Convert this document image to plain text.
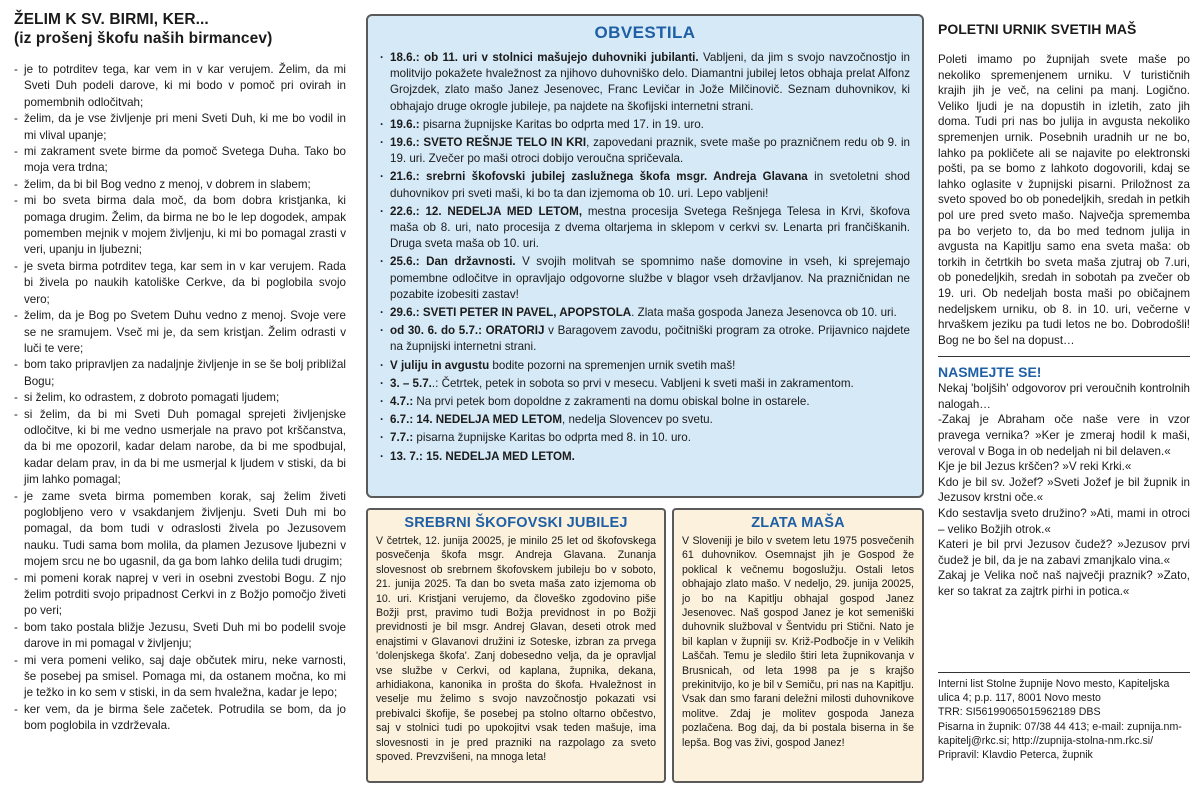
ŽELIM K SV. BIRMI, KER...
(iz prošenj škofu naših birmancev)
- je to potrditev tega, kar vem in v kar verujem. Želim, da mi Sveti Duh podeli darove, ki mi bodo v pomoč pri ovirah in pomembnih odločitvah;
- želim, da je vse življenje pri meni Sveti Duh, ki me bo vodil in mi vlival upanje;
- mi zakrament svete birme da pomoč Svetega Duha. Tako bo moja vera trdna;
- želim, da bi bil Bog vedno z menoj, v dobrem in slabem;
- mi bo sveta birma dala moč, da bom dobra kristjanka, ki pomaga drugim. Želim, da birma ne bo le lep dogodek, ampak pomemben mejnik v mojem življenju, ki mi bo pomagal zrasti v veri, upanju in ljubezni;
- je sveta birma potrditev tega, kar sem in v kar verujem. Rada bi živela po naukih katoliške Cerkve, da bi poglobila svojo vero;
- želim, da je Bog po Svetem Duhu vedno z menoj. Svoje vere se ne sramujem. Vseč mi je, da sem kristjan. Želim odrasti v luči te vere;
- bom tako pripravljen za nadaljnje življenje in se še bolj približal Bogu;
- si želim, ko odrastem, z dobroto pomagati ljudem;
- si želim, da bi mi Sveti Duh pomagal sprejeti življenjske odločitve, ki bi me vedno usmerjale na pravo pot krščanstva, da bi me opozoril, kadar delam narobe, da bi me spodbujal, kadar delam prav, in da bi me usmerjal k ljudem v stiski, da bi jim lahko pomagal;
- je zame sveta birma pomemben korak, saj želim živeti pogloblјeno vero v vsakdanjem življenju. Sveti Duh mi bo pomagal, da bom tudi v odraslosti živela po Jezusovem nauku. Tudi sama bom molila, da plamen Jezusove ljubezni v mojem srcu ne bo ugasnil, da ga bom lahko delila tudi drugim;
- mi pomeni korak naprej v veri in osebni zvestobi Bogu. Z njo želim potrditi svojo pripadnost Cerkvi in z Božjo pomočjo živeti po veri;
- bom tako postala bližje Jezusu, Sveti Duh mi bo podelil svoje darove in mi pomagal v življenju;
- mi vera pomeni veliko, saj daje občutek miru, neke varnosti, še posebej pa smisel. Pomaga mi, da ostanem močna, ko mi je težko in ko sem v stiski, in da sem hvaležna, kadar je lepo;
- ker vem, da je birma šele začetek. Potrudila se bom, da jo bom poglobila in vzdrževala.
OBVESTILA
· 18.6.: ob 11. uri v stolnici mašujejo duhovniki jubilanti. Vabljeni, da jim s svojo navzočnostjo in molitvijo pokažete hvaležnost za njihovo duhovniško delo. Diamantni jubilej letos obhaja prelat Alfonz Grojzdek, zlato mašo Janez Jesenovec, Franc Levičar in Jože Milčinovič. Seznam duhovnikov, ki obhajajo druge okrogle jubileje, pa najdete na škofijski internetni strani.
· 19.6.: pisarna župnijske Karitas bo odprta med 17. in 19. uro.
· 19.6.: SVETO REŠNJE TELO IN KRI, zapovedani praznik, svete maše po prazničnem redu ob 9. in 19. uri. Zvečer po maši otroci dobijo veroučna spričevala.
· 21.6.: srebrni škofovski jubilej zaslužnega škofa msgr. Andreja Glavana in svetoletni shod duhovnikov pri sveti maši, ki bo ta dan izjemoma ob 10. uri. Lepo vabljeni!
· 22.6.: 12. NEDELJA MED LETOM, mestna procesija Svetega Rešnjega Telesa in Krvi, škofova maša ob 8. uri, nato procesija z dvema oltarjema in sklepom v cerkvi sv. Lenarta pri frančiškanih. Druga sveta maša ob 10. uri.
· 25.6.: Dan državnosti. V svojih molitvah se spomnimo naše domovine in vseh, ki sprejemajo pomembne odločitve in opravljajo odgovorne službe v blagor vseh državljanov. Na prazničnidan ne pozabite izobesiti zastav!
· 29.6.: SVETI PETER IN PAVEL, APOPSTOLA. Zlata maša gospoda Janeza Jesenovca ob 10. uri.
· od 30. 6. do 5.7.: ORATORIJ v Baragovem zavodu, počitniški program za otroke. Prijavnico najdete na župnijski internetni strani.
· V juliju in avgustu bodite pozorni na spremenjen urnik svetih maš!
· 3. – 5.7..: Četrtek, petek in sobota so prvi v mesecu. Vabljeni k sveti maši in zakramentom.
· 4.7.: Na prvi petek bom dopoldne z zakramenti na domu obiskal bolne in ostarele.
· 6.7.: 14. NEDELJA MED LETOM, nedelja Slovencev po svetu.
· 7.7.: pisarna župnijske Karitas bo odprta med 8. in 10. uro.
· 13. 7.: 15. NEDELJA MED LETOM.
SREBRNI ŠKOFOVSKI JUBILEJ

V četrtek, 12. junija 20025, je minilo 25 let od škofovskega posvečenja škofa msgr. Andreja Glavana. Zunanja slovesnost ob srebrnem škofovskem jubileju bo v soboto, 21. junija 2025. Ta dan bo sveta maša zato izjemoma ob 10. uri. Kristjani verujemo, da človeško zgodovino piše Božji prst, pravimo tudi Božja previdnost in po Božji previdnosti je bil msgr. Andrej Glavan, deseti otrok med enajstimi v Glavanovi družini iz Soteske, izbran za prvega 'dolenjskega škofa'. Zanj dobesedno velja, da je opravljal vse službe v Cerkvi, od kaplana, župnika, dekana, arhidiakona, kanonika in prošta do škofa. Hvaležnost in veselje mu želimo s svojo navzočnostjo pokazati vsi prebivalci škofije, še posebej pa stolno oltarno občestvo, saj v stolnici tudi po upokojitvi vsak teden mašuje, ima slovesnosti in je pred prazniki na razpolago za sveto spoved. Prevzvišeni, na mnoga leta!

ZLATA MAŠA

V Sloveniji je bilo v svetem letu 1975 posvečenih 61 duhovnikov. Osemnajst jih je Gospod že poklical k večnemu bogoslužju. Ostali letos obhajajo zlato mašo. V nedeljo, 29. junija 20025, jo bo na Kapitlju obhajal gospod Janez Jesenovec. Naš gospod Janez je kot semeniški duhovnik služboval v Šentvidu pri Stični. Nato je bil kaplan v župniji sv. Križ-Podbočje in v Velikih Laščah. Temu je sledilo štiri leta župnikovanja v Brusnicah, od leta 1998 pa je s krajšo prekinitvijo, ko je bil v Semiču, pri nas na Kapitlju. Vsak dan smo farani deležni milosti duhovnikove molitve. Zdaj je molitev gospoda Janeza pozlačena. Bog daj, da bi postala biserna in še lepša. Bog vas živi, gospod Janez!

POLETNI URNIK SVETIH MAŠ

Poleti imamo po župnijah svete maše po nekoliko spremenjenem urniku. V turističnih krajih jih je več, na celini pa manj. Logično. Veliko ljudi je na dopustih in izletih, zato jih doma. Tudi pri nas bo julija in avgusta nekoliko spremenjen urnik. Posebnih uradnih ur ne bo, lahko pa pokličete ali se najavite po elektronski pošti, pa se bomo z lahkoto dogovorili, kdaj se lahko oglasite v župnijski pisarni. Priložnost za sveto spoved bo ob ponedeljkih, sredah in petkih pol ure pred sveto mašo. Največja sprememba pa bo verjeto to, da bo med tednom julija in avgusta na Kapitlju samo ena sveta maša: ob torkih in četrtkih bo sveta maša zjutraj ob 7.uri, ob ponedeljkih, sredah in sobotah pa zvečer ob 19. uri. Ob nedeljah bosta maši po običajnem nedeljskem urniku, ob 8. in 10. uri, večerne v hrvaškem jeziku pa tudi letos ne bo. Dobrodošli! Bog ne bo šel na dopust…

NASMEJTE SE!

Nekaj 'boljših' odgovorov pri veroučnih kontrolnih nalogah…

-Zakaj je Abraham oče naše vere in vzor pravega vernika? »Ker je zmeraj hodil k maši, veroval v Boga in ob nedeljah ni bil delaven.«

Kje je bil Jezus krščen? »V reki Krki.«

Kdo je bil sv. Jožef? »Sveti Jožef je bil župnik in Jezusov krstni oče.«

Kdo sestavlja sveto družino? »Ati, mami in otroci – veliko Božjih otrok.«

Kateri je bil prvi Jezusov čudež? »Jezusov prvi čudež je bil, da je na zabavi zmanjkalo vina.«

Zakaj je Velika noč naš največji praznik? »Zato, ker so takrat za zajtrk pirhi in potica.«

Interni list Stolne župnije Novo mesto, Kapiteljska ulica 4; p.p. 117, 8001 Novo mesto

TRR: SI56199065015962189 DBS

Pisarna in župnik: 07/38 44 413; e-mail: zupnija.nm-kapitelj@rkc.si; http://zupnija-stolna-nm.rkc.si/

Pripravil: Klavdio Peterca, župnik
